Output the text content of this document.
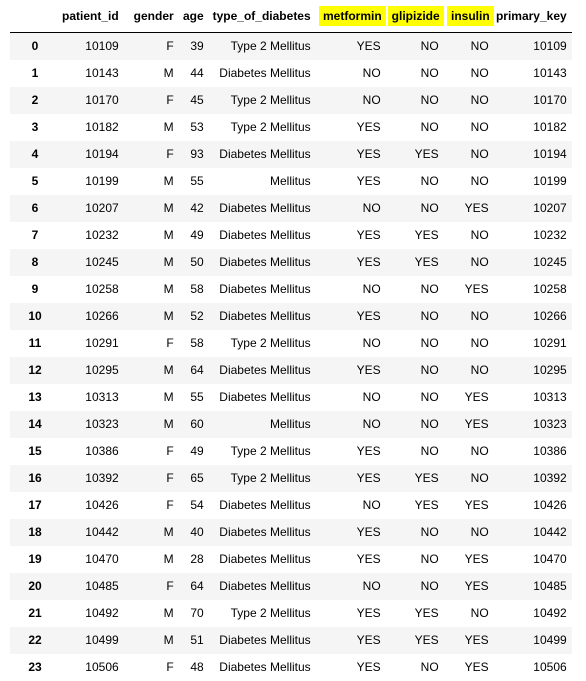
	patient_id	gender	age	type_of_diabetes	metformin	glipizide	insulin	primary_key
0	10109	F	39	Type 2 Mellitus	YES	NO	NO	10109
1	10143	M	44	Diabetes Mellitus	NO	NO	NO	10143
2	10170	F	45	Type 2 Mellitus	NO	NO	NO	10170
3	10182	M	53	Type 2 Mellitus	YES	NO	NO	10182
4	10194	F	93	Diabetes Mellitus	YES	YES	NO	10194
5	10199	M	55	Mellitus	YES	NO	NO	10199
6	10207	M	42	Diabetes Mellitus	NO	NO	YES	10207
7	10232	M	49	Diabetes Mellitus	YES	YES	NO	10232
8	10245	M	50	Diabetes Mellitus	YES	YES	NO	10245
9	10258	M	58	Diabetes Mellitus	NO	NO	YES	10258
10	10266	M	52	Diabetes Mellitus	YES	NO	NO	10266
11	10291	F	58	Type 2 Mellitus	NO	NO	NO	10291
12	10295	M	64	Diabetes Mellitus	YES	NO	NO	10295
13	10313	M	55	Diabetes Mellitus	NO	NO	YES	10313
14	10323	M	60	Mellitus	NO	NO	YES	10323
15	10386	F	49	Type 2 Mellitus	YES	NO	NO	10386
16	10392	F	65	Type 2 Mellitus	YES	YES	NO	10392
17	10426	F	54	Diabetes Mellitus	NO	YES	YES	10426
18	10442	M	40	Diabetes Mellitus	YES	NO	NO	10442
19	10470	M	28	Diabetes Mellitus	YES	NO	YES	10470
20	10485	F	64	Diabetes Mellitus	NO	NO	YES	10485
21	10492	M	70	Type 2 Mellitus	YES	YES	NO	10492
22	10499	M	51	Diabetes Mellitus	YES	YES	YES	10499
23	10506	F	48	Diabetes Mellitus	YES	NO	YES	10506
